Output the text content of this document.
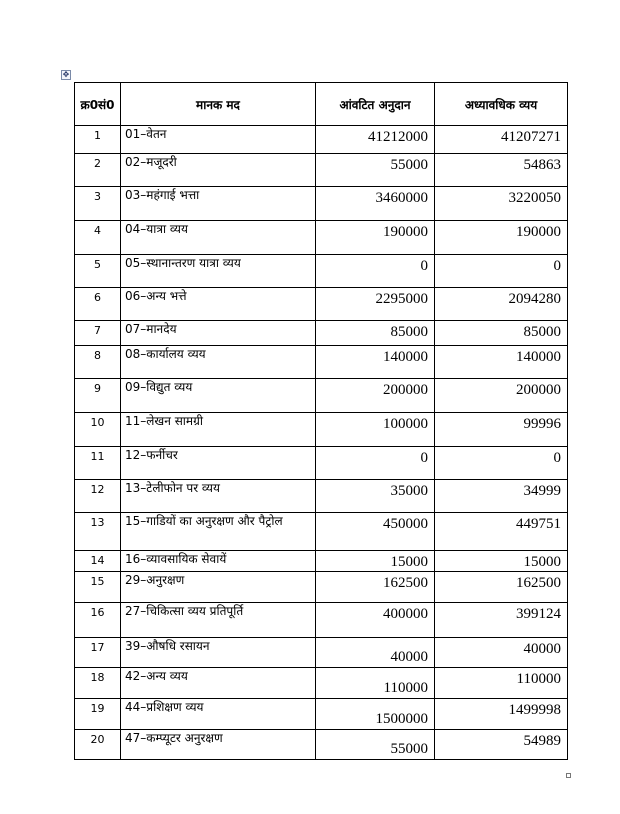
✥
क्र0सं0	मानक मद	आंवटित अनुदान	अध्यावधिक व्यय
1	01–वेतन	41212000	41207271
2	02–मजूदरी	55000	54863
3	03–महंगाई भत्ता	3460000	3220050
4	04–यात्रा व्यय	190000	190000
5	05–स्थानान्तरण यात्रा व्यय	0	0
6	06–अन्य भत्ते	2295000	2094280
7	07–मानदेय	85000	85000
8	08–कार्यालय व्यय	140000	140000
9	09–विद्युत व्यय	200000	200000
10	11–लेखन सामग्री	100000	99996
11	12–फर्नीचर	0	0
12	13–टेलीफोन पर व्यय	35000	34999
13	15–गाडियों का अनुरक्षण और पैट्रोल	450000	449751
14	16–व्यावसायिक सेवायें	15000	15000
15	29–अनुरक्षण	162500	162500
16	27–चिकित्सा व्यय प्रतिपूर्ति	400000	399124
17	39–औषधि रसायन	40000	40000
18	42–अन्य व्यय	110000	110000
19	44–प्रशिक्षण व्यय	1500000	1499998
20	47–कम्प्यूटर अनुरक्षण	55000	54989
